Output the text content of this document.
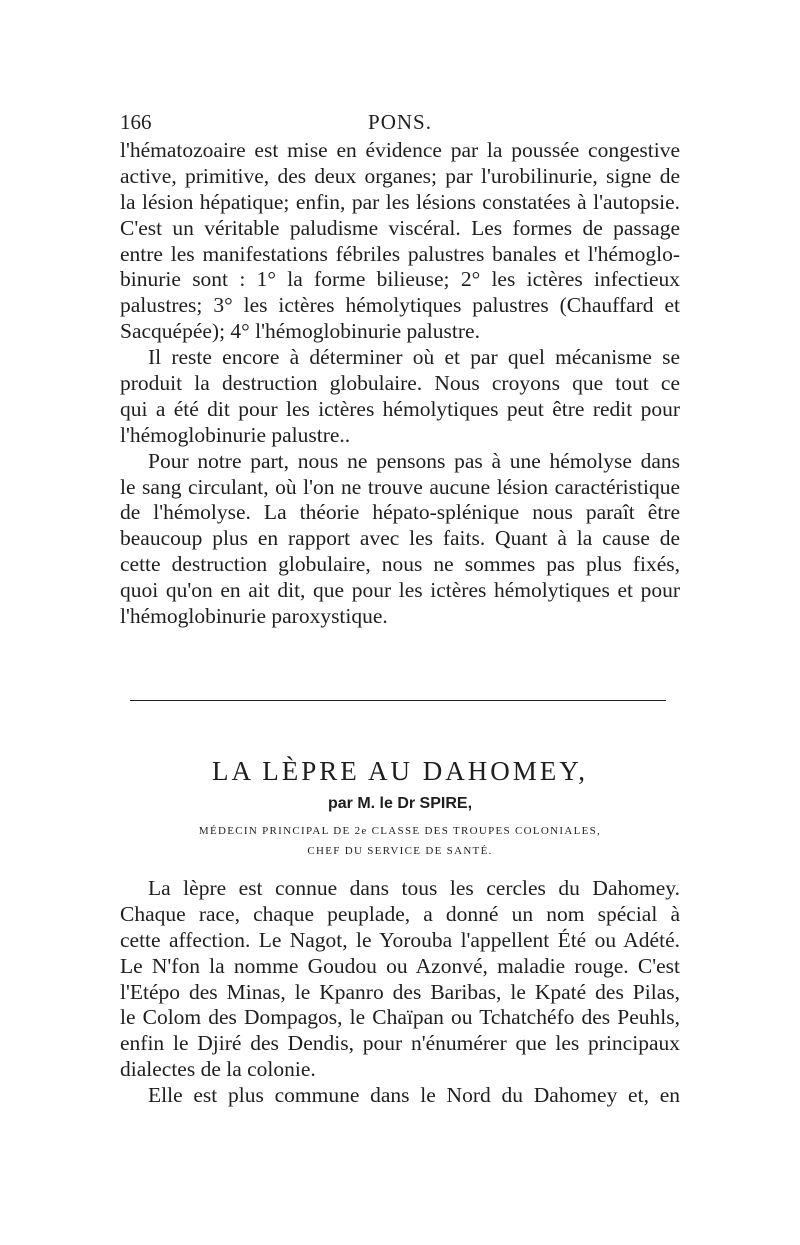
166	PONS.
l'hématozoaire est mise en évidence par la poussée congestive
active, primitive, des deux organes; par l'urobilinurie, signe de
la lésion hépatique; enfin, par les lésions constatées à l'autopsie.
C'est un véritable paludisme viscéral. Les formes de passage
entre les manifestations fébriles palustres banales et l'hémoglo-
binurie sont : 1° la forme bilieuse; 2° les ictères infectieux
palustres; 3° les ictères hémolytiques palustres (Chauffard et
Sacquépée); 4° l'hémoglobinurie palustre.
Il reste encore à déterminer où et par quel mécanisme se
produit la destruction globulaire. Nous croyons que tout ce
qui a été dit pour les ictères hémolytiques peut être redit pour
l'hémoglobinurie palustre..
Pour notre part, nous ne pensons pas à une hémolyse dans
le sang circulant, où l'on ne trouve aucune lésion caractéristique
de l'hémolyse. La théorie hépato-splénique nous paraît être
beaucoup plus en rapport avec les faits. Quant à la cause de
cette destruction globulaire, nous ne sommes pas plus fixés,
quoi qu'on en ait dit, que pour les ictères hémolytiques et pour
l'hémoglobinurie paroxystique.
LA LÈPRE AU DAHOMEY,
par M. le Dr SPIRE,
MÉDECIN PRINCIPAL DE 2e CLASSE DES TROUPES COLONIALES,
CHEF DU SERVICE DE SANTÉ.
La lèpre est connue dans tous les cercles du Dahomey.
Chaque race, chaque peuplade, a donné un nom spécial à
cette affection. Le Nagot, le Yorouba l'appellent Été ou Adété.
Le N'fon la nomme Goudou ou Azonvé, maladie rouge. C'est
l'Etépo des Minas, le Kpanro des Baribas, le Kpaté des Pilas,
le Colom des Dompagos, le Chaïpan ou Tchatchéfo des Peuhls,
enfin le Djiré des Dendis, pour n'énumérer que les principaux
dialectes de la colonie.
Elle est plus commune dans le Nord du Dahomey et, en
